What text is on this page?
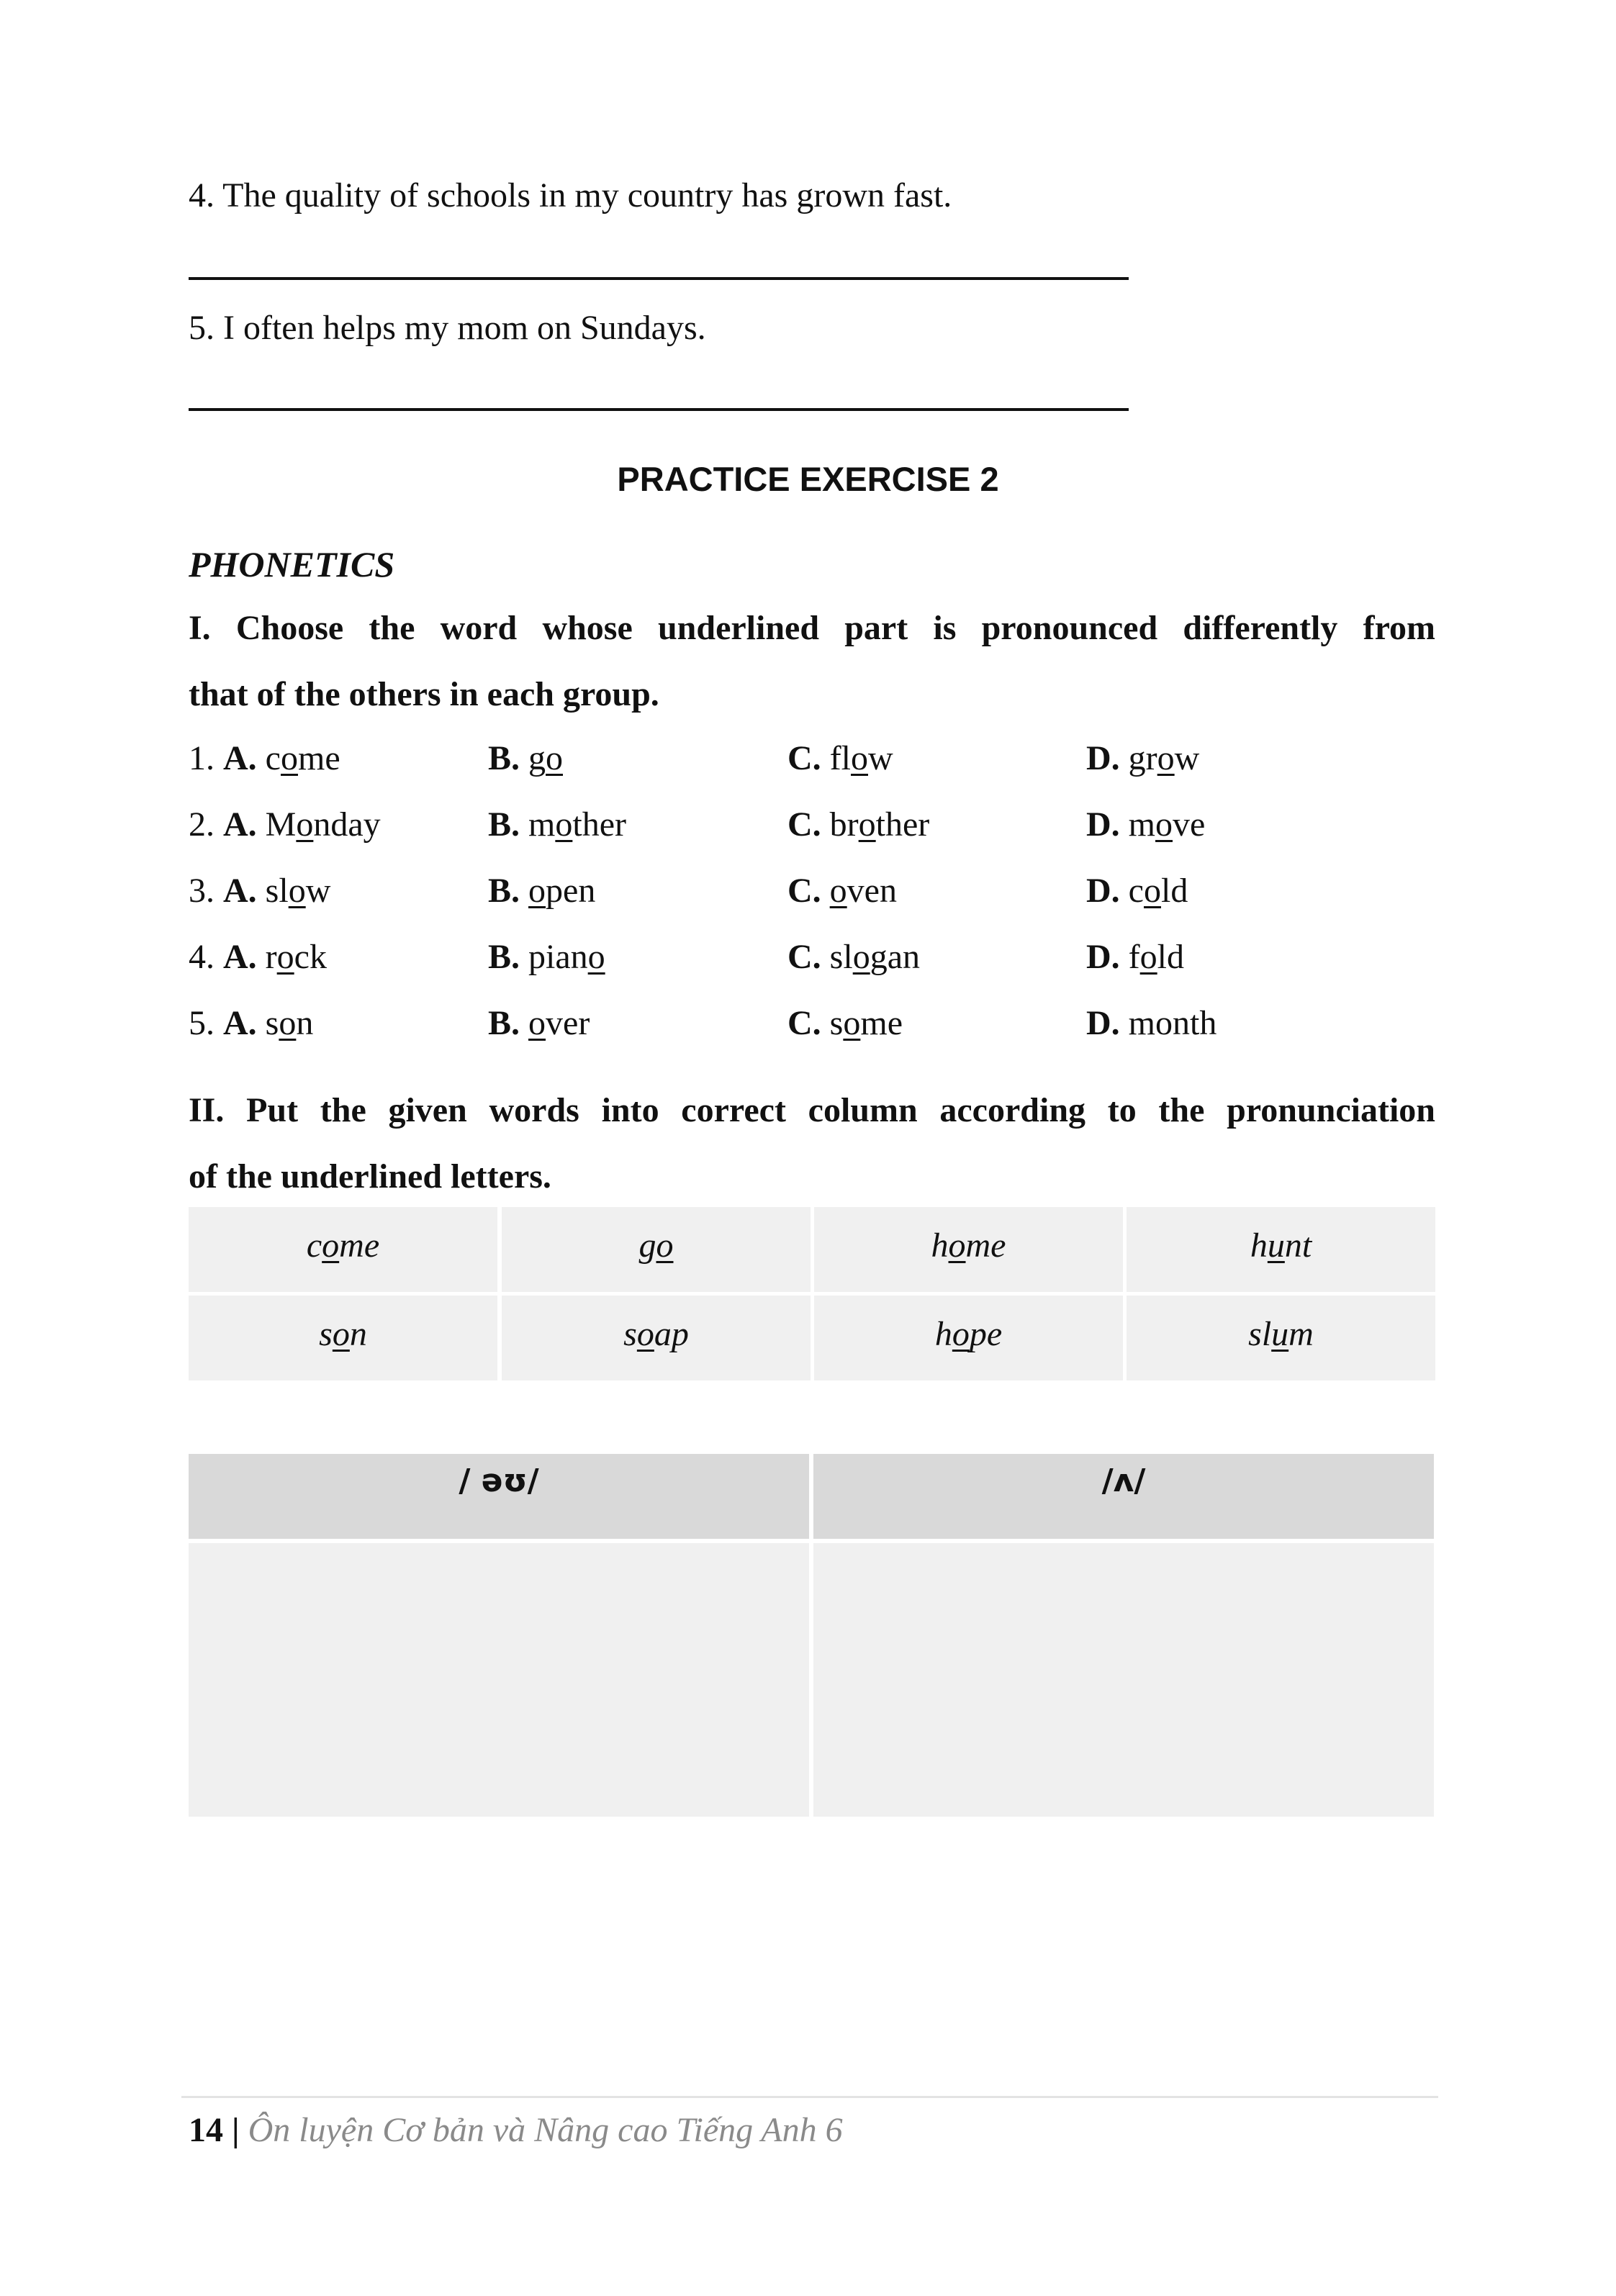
4. The quality of schools in my country has grown fast.
5. I often helps my mom on Sundays.
PRACTICE EXERCISE 2
PHONETICS
I. Choose the word whose underlined part is pronounced differently from
that of the others in each group.
1. A. come	B. go	C. flow	D. grow
2. A. Monday	B. mother	C. brother	D. move
3. A. slow	B. open	C. oven	D. cold
4. A. rock	B. piano	C. slogan	D. fold
5. A. son	B. over	C. some	D. month
II. Put the given words into correct column according to the pronunciation
of the underlined letters.
come	go	home	hunt
son	soap	hope	slum
/ əʊ/	/ʌ/
14 | Ôn luyện Cơ bản và Nâng cao Tiếng Anh 6
